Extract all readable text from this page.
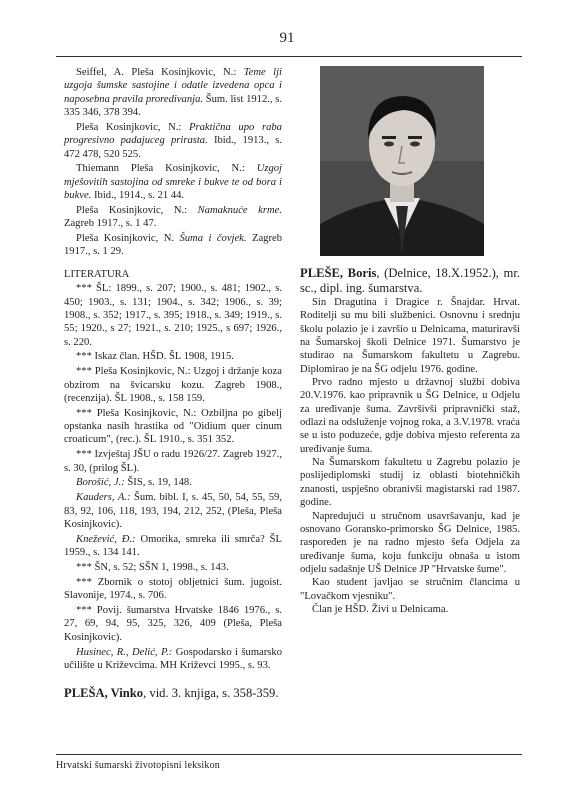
91

Seiffel, A. Pleša Kosinjkovic, N.: Teme lji uzgoja šumske sastojine i odatle izvedena opca i naposebna pravila proredivanja. Šum. list 1912., s. 335 346, 378 394.

Pleša Kosinjkovic, N.: Praktična upo raba progresivno padajuceg prirasta. Ibid., 1913., s. 472 478, 520 525.

Thiemann Pleša Kosinjkovic, N.: Uzgoj mješovitih sastojina od smreke i bukve te od bora i bukve. Ibid., 1914., s. 21 44.

Pleša Kosinjkovic, N.: Namaknuće krme. Zagreb 1917., s. 1 47.

Pleša Kosinjkovic, N. Šuma i čovjek. Zagreb 1917., s. 1 29.

LITERATURA

*** ŠL: 1899., s. 207; 1900., s. 481; 1902., s. 450; 1903., s. 131; 1904., s. 342; 1906., s. 39; 1908., s. 352; 1917., s. 395; 1918., s. 349; 1919., s. 55; 1920., s 27; 1921., s. 210; 1925., s 697; 1926., s. 220.

*** Iskaz član. HŠD. ŠL 1908, 1915.

*** Pleša Kosinjkovic, N.: Uzgoj i držanje koza obzirom na švicarsku kozu. Zagreb 1908., (recenzija). ŠL 1908., s. 158 159.

*** Pleša Kosinjkovic, N.: Ozbiljna po gibelj opstanka nasih hrastika od "Oidium quer cinum croaticum", (rec.). ŠL 1910., s. 351 352.

*** Izvještaj JŠU o radu 1926/27. Zagreb 1927., s. 30, (prilog ŠL).

Borošić, J.: ŠIS, s. 19, 148.

Kauders, A.: Šum. bibl. I, s. 45, 50, 54, 55, 59, 83, 92, 106, 118, 193, 194, 212, 252, (Pleša, Pleša Kosinjkovic).

Knežević, Đ.: Omorika, smreka ili smrča? ŠL 1959., s. 134 141.

*** ŠN, s. 52; SŠN 1, 1998., s. 143.

*** Zbornik o stotoj obljetnici šum. jugoist. Slavonije, 1974., s. 706.

*** Povij. šumarstva Hrvatske 1846 1976., s. 27, 69, 94, 95, 325, 326, 409 (Pleša, Pleša Kosinjkovic).

Husinec, R., Delić, P.: Gospodarsko i šumarsko učilište u Križevcima. MH Križevci 1995., s. 93.

PLEŠA, Vinko, vid. 3. knjiga, s. 358-359.

PLEŠE, Boris, (Delnice, 18.X.1952.), mr. sc., dipl. ing. šumarstva.

Sin Dragutina i Dragice r. Šnajdar. Hrvat. Roditelji su mu bili službenici. Osnovnu i srednju školu polazio je i završio u Delnicama, maturiravši na Šumarskoj školi Delnice 1971. Šumarstvo je studirao na Šumarskom fakultetu u Zagrebu. Diplomirao je na ŠG odjelu 1976. godine.

Prvo radno mjesto u državnoj službi dobiva 20.V.1976. kao pripravnik u ŠG Delnice, u Odjelu za uređivanje šuma. Završivši pripravnički staž, odlazi na odsluženje vojnog roka, a 3.V.1978. vraća se u isto poduzeće, gdje dobiva mjesto referenta za uređivanje šuma.

Na Šumarskom fakultetu u Zagrebu polazio je poslijediplomski studij iz oblasti biotehničkih znanosti, uspješno obranivši magistarski rad 1987. godine.

Napredujući u stručnom usavršavanju, kad je osnovano Goransko-primorsko ŠG Delnice, 1985. raspoređen je na radno mjesto šefa Odjela za uređivanje šuma, koju funkciju obnaša u istom odjelu sadašnje UŠ Delnice JP "Hrvatske šume".

Kao student javljao se stručnim člancima u "Lovačkom vjesniku".

Član je HŠD. Živi u Delnicama.

Hrvatski šumarski životopisni leksikon
